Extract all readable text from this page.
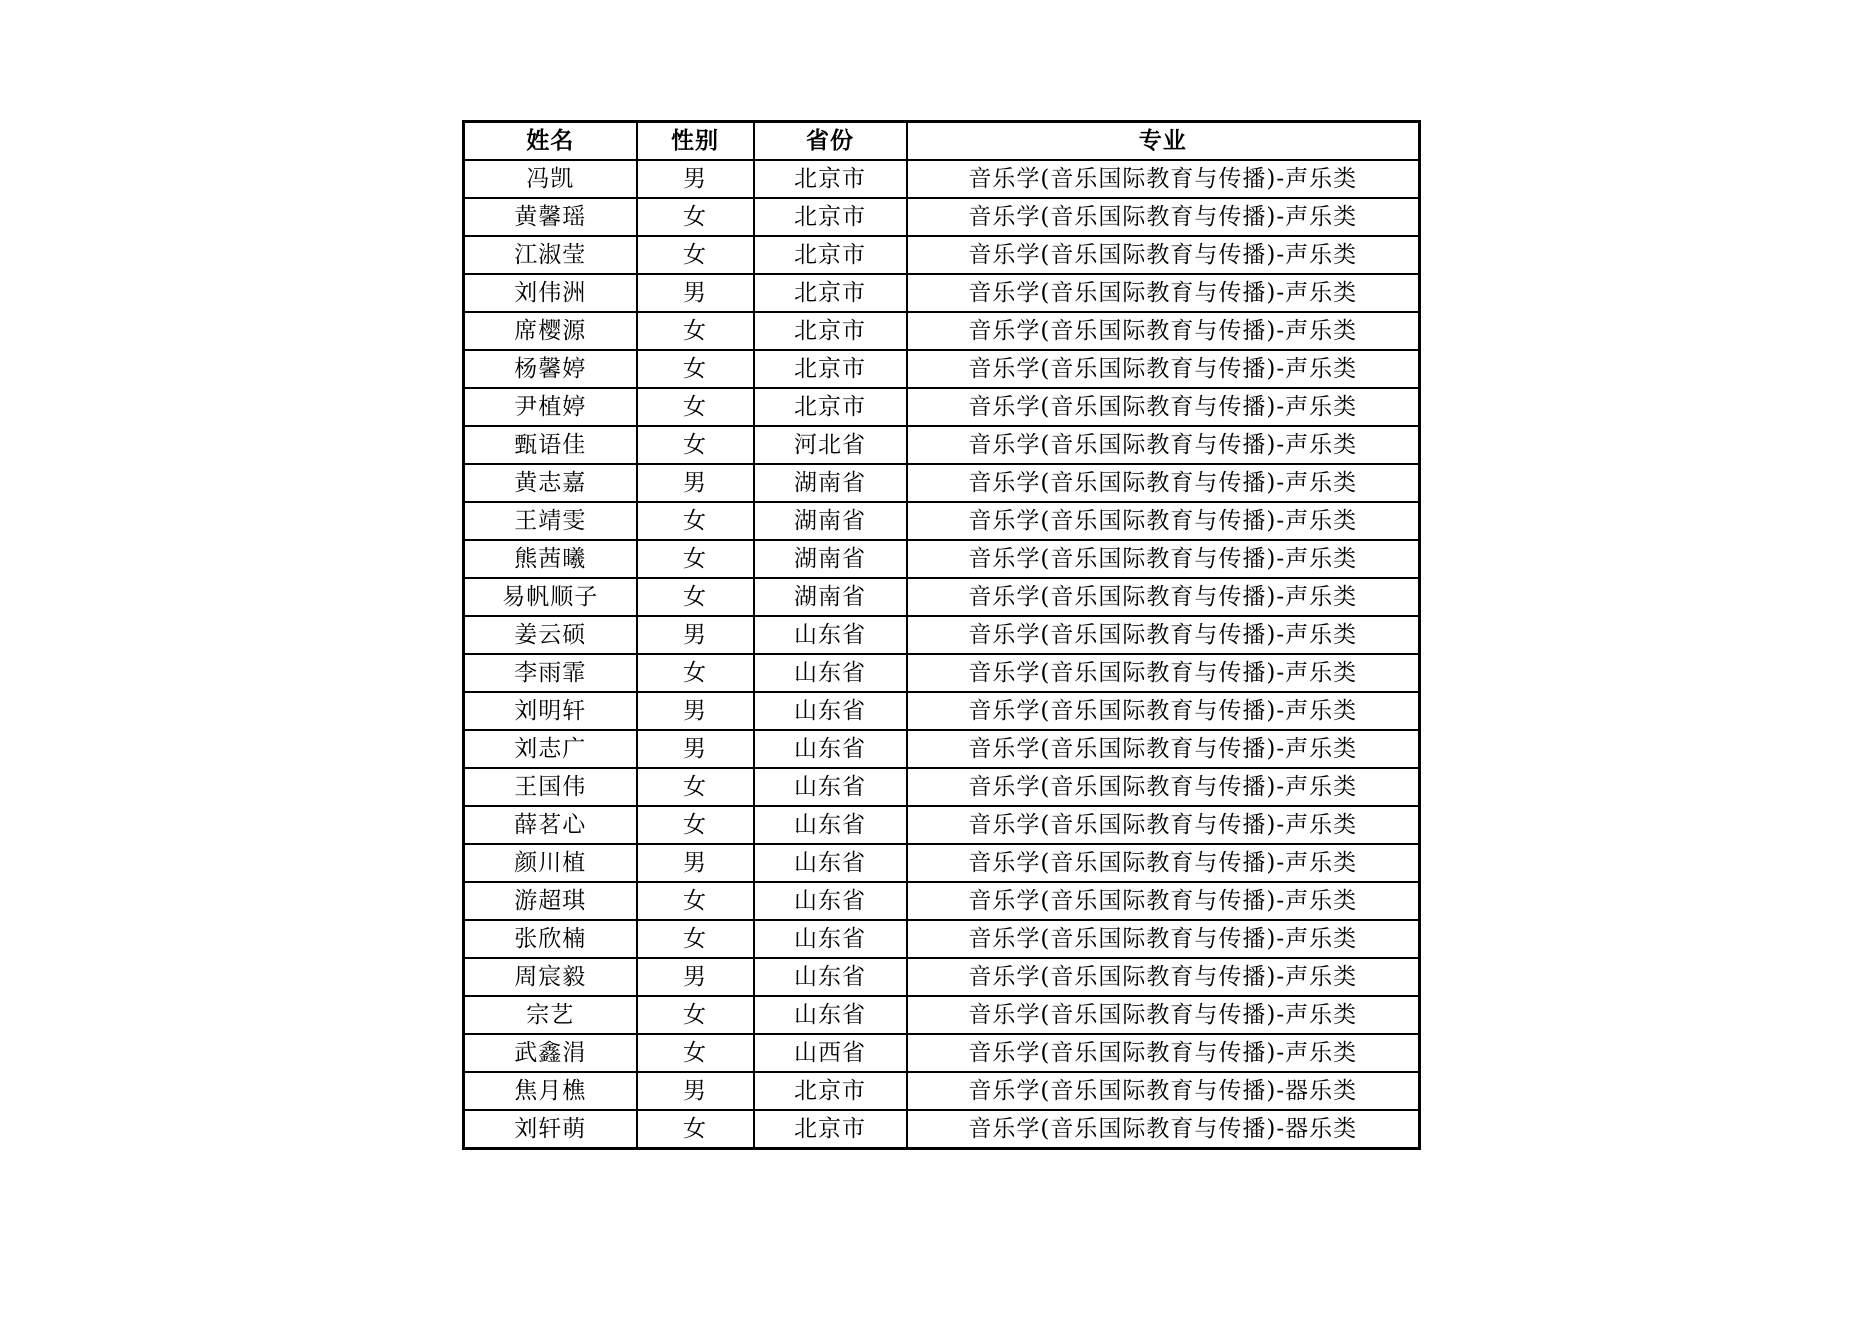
姓名	性别	省份	专业
冯凯	男	北京市	音乐学(音乐国际教育与传播)-声乐类
黄馨瑶	女	北京市	音乐学(音乐国际教育与传播)-声乐类
江淑莹	女	北京市	音乐学(音乐国际教育与传播)-声乐类
刘伟洲	男	北京市	音乐学(音乐国际教育与传播)-声乐类
席樱源	女	北京市	音乐学(音乐国际教育与传播)-声乐类
杨馨婷	女	北京市	音乐学(音乐国际教育与传播)-声乐类
尹植婷	女	北京市	音乐学(音乐国际教育与传播)-声乐类
甄语佳	女	河北省	音乐学(音乐国际教育与传播)-声乐类
黄志嘉	男	湖南省	音乐学(音乐国际教育与传播)-声乐类
王靖雯	女	湖南省	音乐学(音乐国际教育与传播)-声乐类
熊茜曦	女	湖南省	音乐学(音乐国际教育与传播)-声乐类
易帆顺子	女	湖南省	音乐学(音乐国际教育与传播)-声乐类
姜云硕	男	山东省	音乐学(音乐国际教育与传播)-声乐类
李雨霏	女	山东省	音乐学(音乐国际教育与传播)-声乐类
刘明轩	男	山东省	音乐学(音乐国际教育与传播)-声乐类
刘志广	男	山东省	音乐学(音乐国际教育与传播)-声乐类
王国伟	女	山东省	音乐学(音乐国际教育与传播)-声乐类
薛茗心	女	山东省	音乐学(音乐国际教育与传播)-声乐类
颜川植	男	山东省	音乐学(音乐国际教育与传播)-声乐类
游超琪	女	山东省	音乐学(音乐国际教育与传播)-声乐类
张欣楠	女	山东省	音乐学(音乐国际教育与传播)-声乐类
周宸毅	男	山东省	音乐学(音乐国际教育与传播)-声乐类
宗艺	女	山东省	音乐学(音乐国际教育与传播)-声乐类
武鑫涓	女	山西省	音乐学(音乐国际教育与传播)-声乐类
焦月樵	男	北京市	音乐学(音乐国际教育与传播)-器乐类
刘轩萌	女	北京市	音乐学(音乐国际教育与传播)-器乐类
